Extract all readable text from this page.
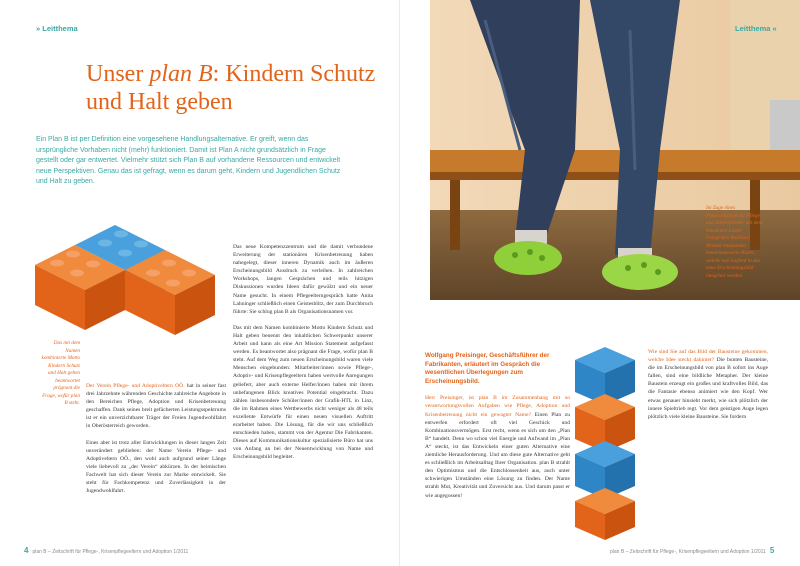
» Leitthema
Unser plan B: Kindern Schutz und Halt geben

Ein Plan B ist per Definition eine vorgesehene Handlungsalternative. Er greift, wenn das ursprüngliche Vorhaben nicht (mehr) funktioniert. Damit ist Plan A nicht grundsätzlich in Frage gestellt oder gar entwertet. Vielmehr stützt sich Plan B auf vorhandene Ressourcen und entwickelt neue Perspektiven. Genau das ist gefragt, wenn es darum geht, Kindern und Jugendlichen Schutz und Halt zu geben.

Das mit dem Namen kombinierte Motto Kindern Schutz und Halt geben beantwortet prägnant die Frage, wofür plan B steht.

Der Verein Pflege- und Adoptiveltern OÖ. hat in seiner fast drei Jahrzehnte währenden Geschichte zahlreiche Angebote in den Bereichen Pflege, Adoption und Krisenbetreuung geschaffen. Dank seines breit gefächerten Leistungsspektrums ist er ein unverzichtbarer Träger der Freien Jugendwohlfahrt in Oberösterreich geworden.

Eines aber ist trotz aller Entwicklungen in dieser langen Zeit unverändert geblieben: der Name Verein Pflege- und Adoptiveltern OÖ., den wohl auch aufgrund seiner Länge viele liebevoll zu „der Verein“ abkürzen. In der heimischen Fachwelt hat sich dieser Verein zur Marke entwickelt. Sie steht für Fachkompetenz und Zuverlässigkeit in der Jugendwohlfahrt.

Das neue Kompetenzzentrum und die damit verbundene Erweiterung der stationären Krisenbetreuung haben nahegelegt, dieser inneren Dynamik auch im äußeren Erscheinungsbild Ausdruck zu verleihen. In zahlreichen Workshops, langen Gesprächen und teils hitzigen Diskussionen wurden Ideen dafür gewälzt und ein neuer Name gesucht. In einem Pflegeelterngespräch hatte Anita Lahninger schließlich einen Geistesblitz, der zum Durchbruch führte: Sie schlug plan B als Organisationsnamen vor.

Das mit dem Namen kombinierte Motto Kindern Schutz und Halt geben benennt den inhaltlichen Schwerpunkt unserer Arbeit und kann als eine Art Mission Statement aufgefasst werden. Es beantwortet also prägnant die Frage, wofür plan B steht. Auf dem Weg zum neuen Erscheinungsbild waren viele Menschen eingebunden: Mitarbeiter/innen sowie Pflege-, Adoptiv- und Krisenpflegeeltern haben wertvolle Anregungen geliefert, aber auch externe Helfer/innen haben mit ihrem unbefangenen Blick kreatives Potential eingebracht. Dazu zählen insbesondere Schüler/innen der Grafik-HTL in Linz, die im Rahmen eines Wettbewerbs nicht weniger als 48 teils exzellente Entwürfe für einen neuen visuellen Auftritt erarbeitet haben. Die Lösung, für die wir uns schließlich entschieden haben, stammt von der Agentur Die Fabrikanten. Dieses auf Kommunikationskultur spezialisierte Büro hat uns von Anfang an bei der Neuentwicklung von Name und Erscheinungsbild begleitet.

4 plan B – Zeitschrift für Pflege-, Krisenpflegeeltern und Adoption 1/2011
Leitthema «

Im Zuge eines Fotoworkshops für Pflege- und Adoptivkinder mit dem bekannten Linzer Fotografen Reinhard Winkler entstanden bemerkenswerte Bilder, welche nun laufend in das neue Erscheinungsbild integriert werden.

Wolfgang Preisinger, Geschäftsführer der Fabrikanten, erläutert im Gespräch die wesentlichen Überlegungen zum Erscheinungsbild.

Herr Preisinger, ist plan B im Zusammenhang mit so verantwortungsvollen Aufgaben wie Pflege, Adoption und Krisenbetreuung nicht ein gewagter Name? Einen Plan zu entwerfen erfordert oft viel Geschick und Kombinationsvermögen. Erst recht, wenn es sich um den „Plan B“ handelt. Denn wo schon viel Energie und Aufwand im „Plan A“ steckt, ist das Entwickeln einer guten Alternative eine ziemliche Herausforderung. Und um diese gute Alternative geht es schließlich im Arbeitsalltag Ihrer Organisation. plan B strahlt den Optimismus und die Entschlossenheit aus, auch unter schwierigen Umständen eine Lösung zu finden. Der Name strahlt Mut, Kreativität und Zuversicht aus. Und darum passt er wie angegossen!

Wie sind Sie auf das Bild der Bausteine gekommen, welche Idee steckt dahinter? Die bunten Bausteine, die im Erscheinungsbild von plan B sofort ins Auge fallen, sind eine bildliche Metapher. Der kleine Baustein erzeugt ein großes und kraftvolles Bild, das die Fantasie ebenso animiert wie den Kopf. Wer etwas genauer hinsieht merkt, wie sich plötzlich der innere Spieltrieb regt. Vor dem geistigen Auge legen plötzlich viele kleine Bausteine. Sie fordern

plan B – Zeitschrift für Pflege-, Krisenpflegeeltern und Adoption 1/2011 5
